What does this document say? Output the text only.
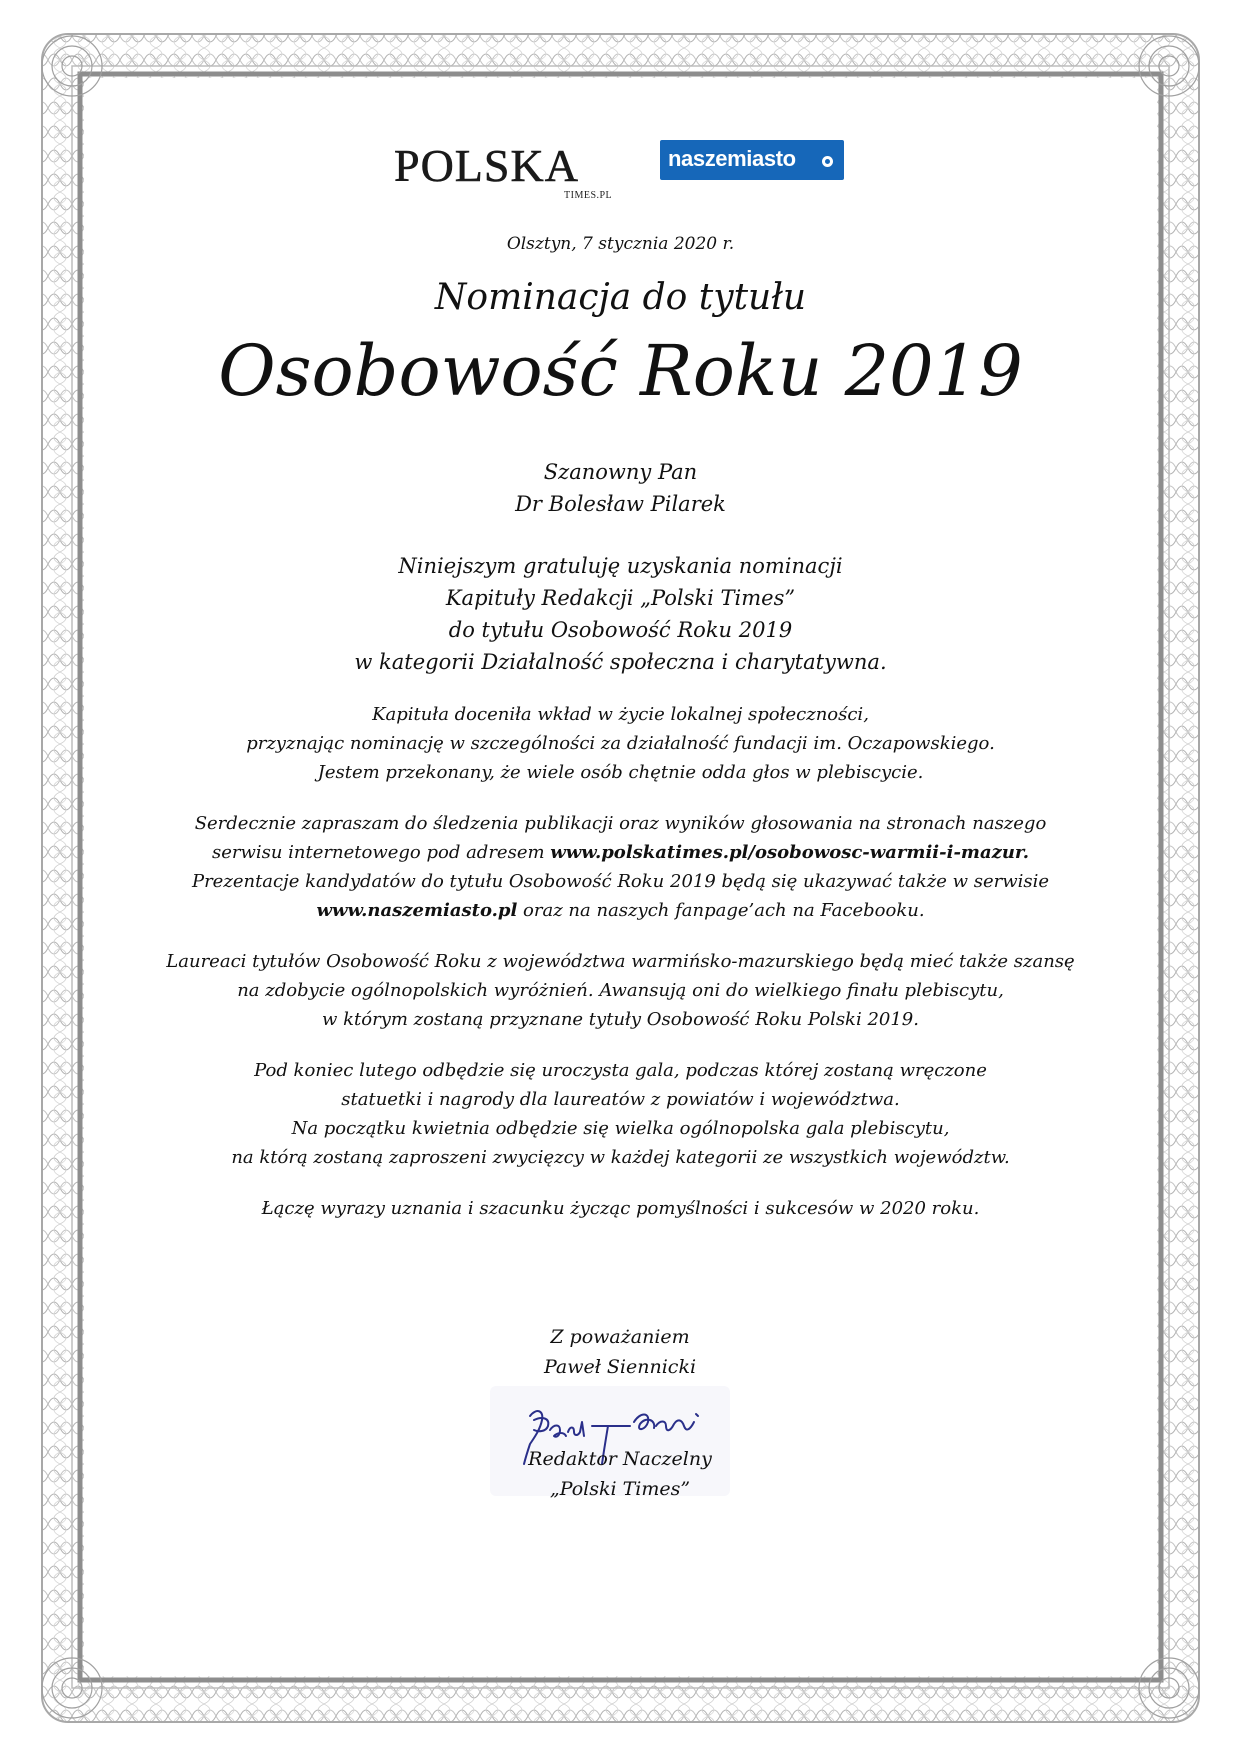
POLSKA
TIMES.PL
naszemiasto

Olsztyn, 7 stycznia 2020 r.

Nominacja do tytułu
Osobowość Roku 2019

Szanowny Pan
Dr Bolesław Pilarek

Niniejszym gratuluję uzyskania nominacji
Kapituły Redakcji „Polski Times”
do tytułu Osobowość Roku 2019
w kategorii Działalność społeczna i charytatywna.

Kapituła doceniła wkład w życie lokalnej społeczności,
przyznając nominację w szczególności za działalność fundacji im. Oczapowskiego.
Jestem przekonany, że wiele osób chętnie odda głos w plebiscycie.

Serdecznie zapraszam do śledzenia publikacji oraz wyników głosowania na stronach naszego
serwisu internetowego pod adresem www.polskatimes.pl/osobowosc-warmii-i-mazur.
Prezentacje kandydatów do tytułu Osobowość Roku 2019 będą się ukazywać także w serwisie
www.naszemiasto.pl oraz na naszych fanpage’ach na Facebooku.

Laureaci tytułów Osobowość Roku z województwa warmińsko-mazurskiego będą mieć także szansę
na zdobycie ogólnopolskich wyróżnień. Awansują oni do wielkiego finału plebiscytu,
w którym zostaną przyznane tytuły Osobowość Roku Polski 2019.

Pod koniec lutego odbędzie się uroczysta gala, podczas której zostaną wręczone
statuetki i nagrody dla laureatów z powiatów i województwa.
Na początku kwietnia odbędzie się wielka ogólnopolska gala plebiscytu,
na którą zostaną zaproszeni zwycięzcy w każdej kategorii ze wszystkich województw.

Łączę wyrazy uznania i szacunku życząc pomyślności i sukcesów w 2020 roku.

Z poważaniem
Paweł Siennicki
Redaktor Naczelny
„Polski Times”
